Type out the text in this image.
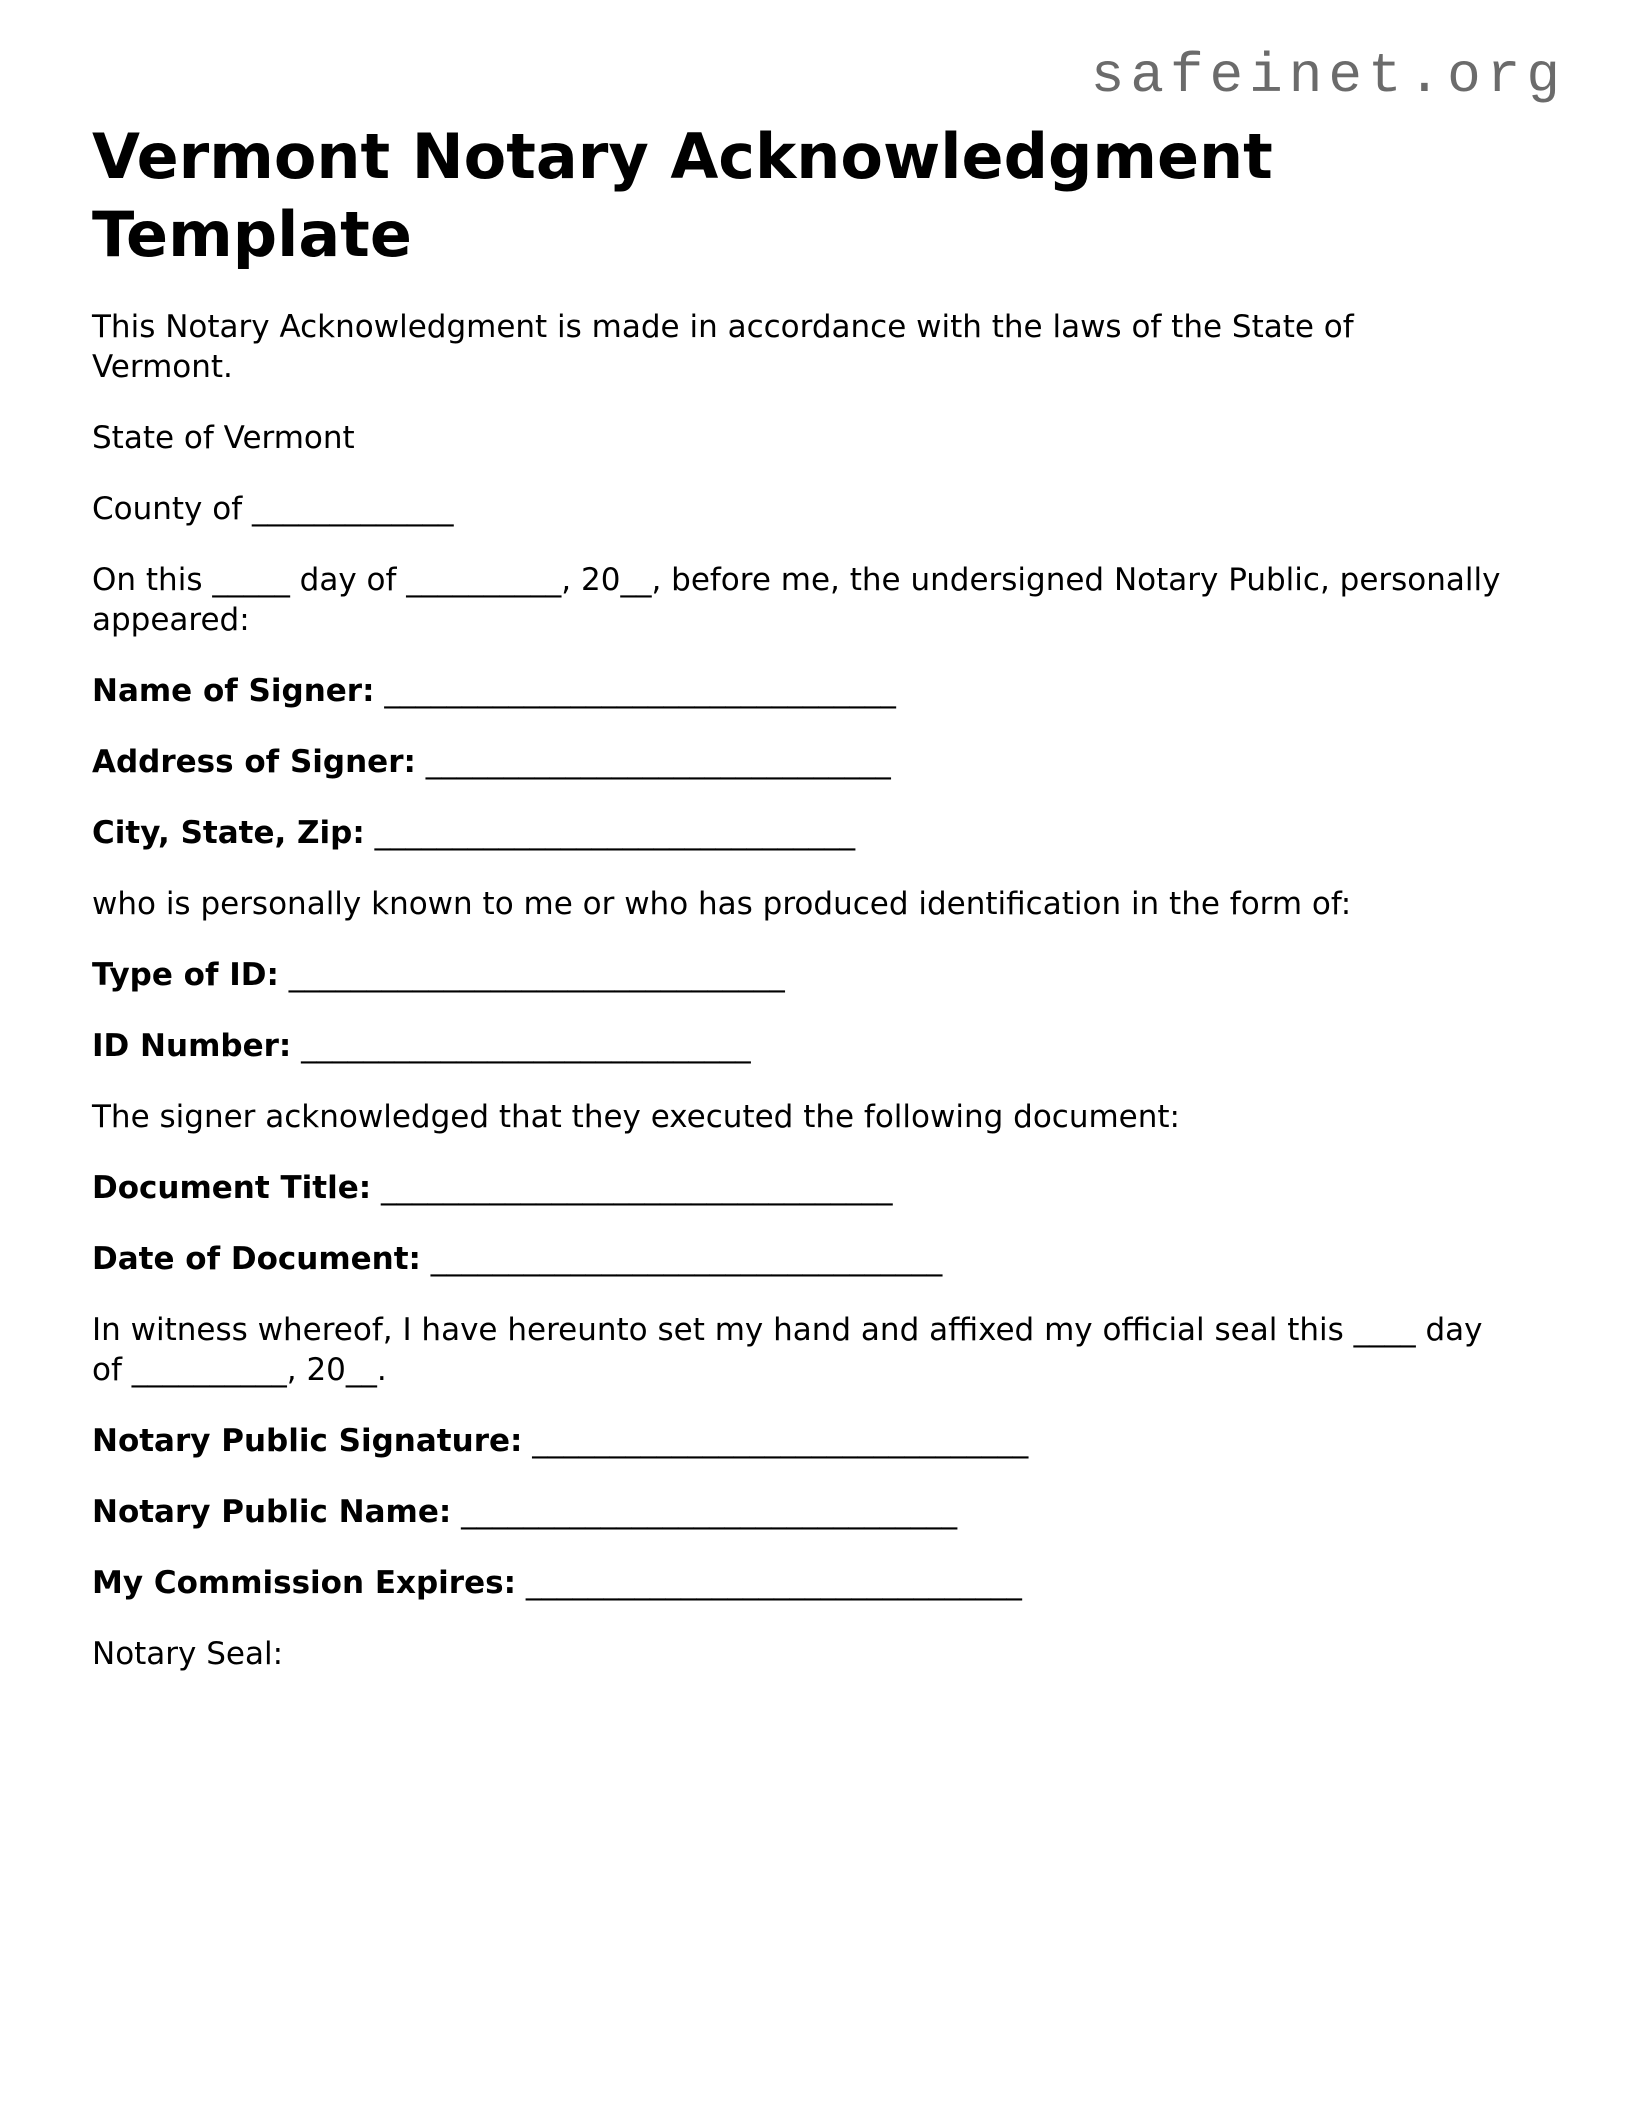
safeinet.org
Vermont Notary Acknowledgment Template

This Notary Acknowledgment is made in accordance with the laws of the State of
Vermont.

State of Vermont

County of _____________

On this _____ day of __________, 20__, before me, the undersigned Notary Public, personally
appeared:

Name of Signer: _________________________________

Address of Signer: ______________________________

City, State, Zip: _______________________________

who is personally known to me or who has produced identification in the form of:

Type of ID: ________________________________

ID Number: _____________________________

The signer acknowledged that they executed the following document:

Document Title: _________________________________

Date of Document: _________________________________

In witness whereof, I have hereunto set my hand and affixed my official seal this ____ day
of __________, 20__.

Notary Public Signature: ________________________________

Notary Public Name: ________________________________

My Commission Expires: ________________________________

Notary Seal:
